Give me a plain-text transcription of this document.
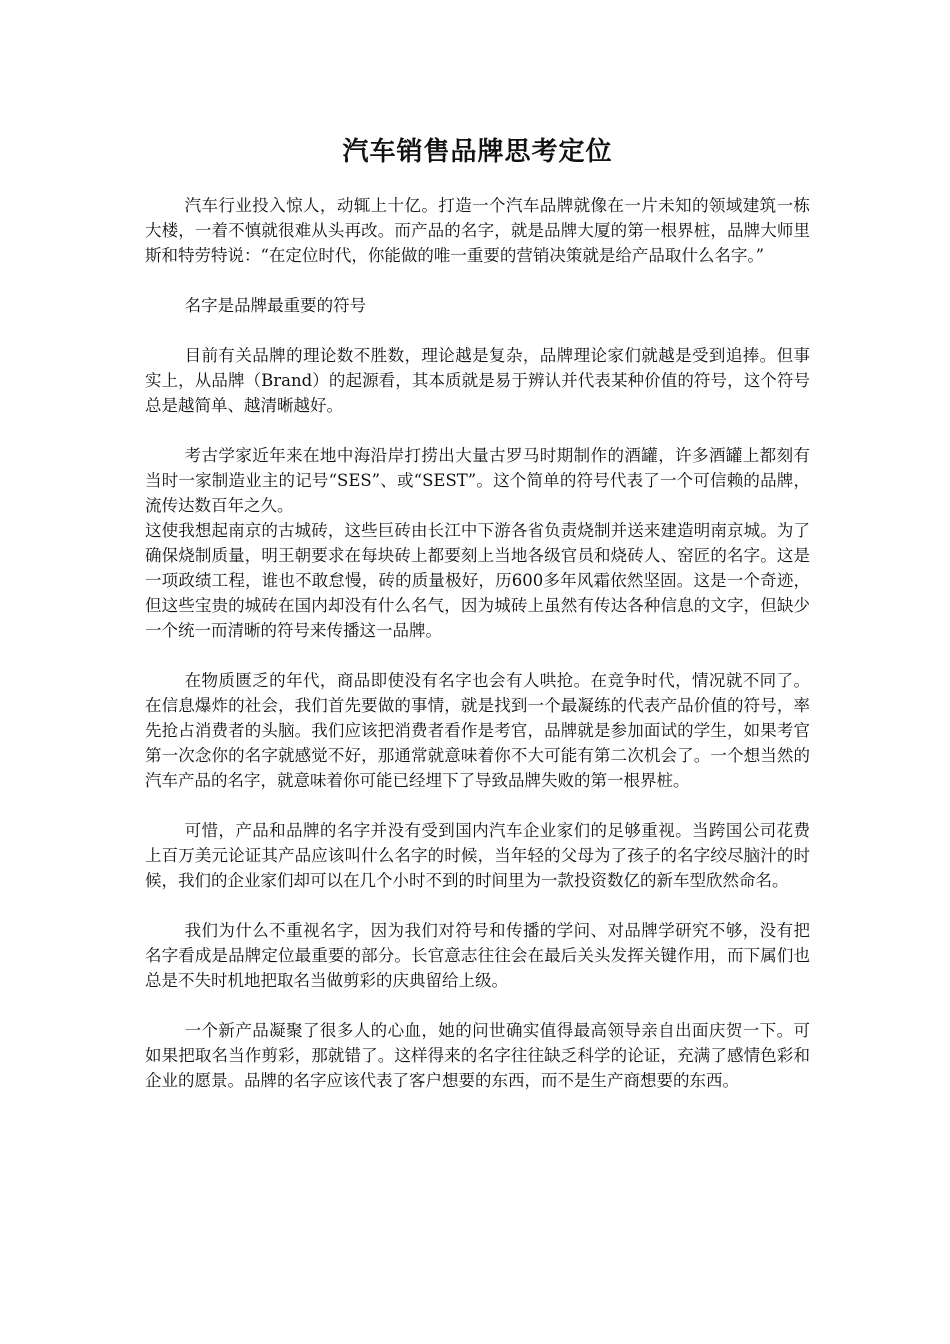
汽车销售品牌思考定位

汽车行业投入惊人，动辄上十亿。打造一个汽车品牌就像在一片未知的领域建筑一栋大楼，一着不慎就很难从头再改。而产品的名字，就是品牌大厦的第一根界桩，品牌大师里斯和特劳特说：“在定位时代，你能做的唯一重要的营销决策就是给产品取什么名字。”

名字是品牌最重要的符号

目前有关品牌的理论数不胜数，理论越是复杂，品牌理论家们就越是受到追捧。但事实上，从品牌（Brand）的起源看，其本质就是易于辨认并代表某种价值的符号，这个符号总是越简单、越清晰越好。

考古学家近年来在地中海沿岸打捞出大量古罗马时期制作的酒罐，许多酒罐上都刻有当时一家制造业主的记号“SES”、或“SEST”。这个简单的符号代表了一个可信赖的品牌，流传达数百年之久。

这使我想起南京的古城砖，这些巨砖由长江中下游各省负责烧制并送来建造明南京城。为了确保烧制质量，明王朝要求在每块砖上都要刻上当地各级官员和烧砖人、窑匠的名字。这是一项政绩工程，谁也不敢怠慢，砖的质量极好，历600多年风霜依然坚固。这是一个奇迹，但这些宝贵的城砖在国内却没有什么名气，因为城砖上虽然有传达各种信息的文字，但缺少一个统一而清晰的符号来传播这一品牌。

在物质匮乏的年代，商品即使没有名字也会有人哄抢。在竞争时代，情况就不同了。在信息爆炸的社会，我们首先要做的事情，就是找到一个最凝练的代表产品价值的符号，率先抢占消费者的头脑。我们应该把消费者看作是考官，品牌就是参加面试的学生，如果考官第一次念你的名字就感觉不好，那通常就意味着你不大可能有第二次机会了。一个想当然的汽车产品的名字，就意味着你可能已经埋下了导致品牌失败的第一根界桩。

可惜，产品和品牌的名字并没有受到国内汽车企业家们的足够重视。当跨国公司花费上百万美元论证其产品应该叫什么名字的时候，当年轻的父母为了孩子的名字绞尽脑汁的时候，我们的企业家们却可以在几个小时不到的时间里为一款投资数亿的新车型欣然命名。

我们为什么不重视名字，因为我们对符号和传播的学问、对品牌学研究不够，没有把名字看成是品牌定位最重要的部分。长官意志往往会在最后关头发挥关键作用，而下属们也总是不失时机地把取名当做剪彩的庆典留给上级。

一个新产品凝聚了很多人的心血，她的问世确实值得最高领导亲自出面庆贺一下。可如果把取名当作剪彩，那就错了。这样得来的名字往往缺乏科学的论证，充满了感情色彩和企业的愿景。品牌的名字应该代表了客户想要的东西，而不是生产商想要的东西。
